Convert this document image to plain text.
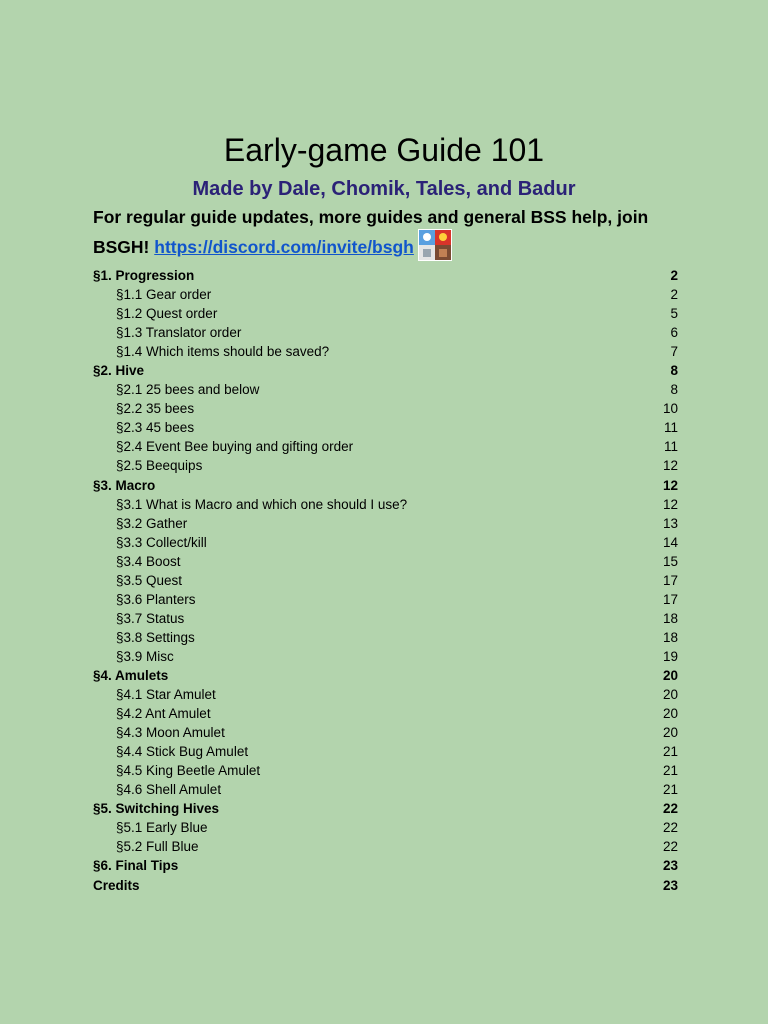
Early-game Guide 101
Made by Dale, Chomik, Tales, and Badur

For regular guide updates, more guides and general BSS help, join BSGH! https://discord.com/invite/bsgh

§1. Progression	2
§1.1 Gear order	2
§1.2 Quest order	5
§1.3 Translator order	6
§1.4 Which items should be saved?	7
§2. Hive	8
§2.1 25 bees and below	8
§2.2 35 bees	10
§2.3 45 bees	11
§2.4 Event Bee buying and gifting order	11
§2.5 Beequips	12
§3. Macro	12
§3.1 What is Macro and which one should I use?	12
§3.2 Gather	13
§3.3 Collect/kill	14
§3.4 Boost	15
§3.5 Quest	17
§3.6 Planters	17
§3.7 Status	18
§3.8 Settings	18
§3.9 Misc	19
§4. Amulets	20
§4.1 Star Amulet	20
§4.2 Ant Amulet	20
§4.3 Moon Amulet	20
§4.4 Stick Bug Amulet	21
§4.5 King Beetle Amulet	21
§4.6 Shell Amulet	21
§5. Switching Hives	22
§5.1 Early Blue	22
§5.2 Full Blue	22
§6. Final Tips	23
Credits	23
